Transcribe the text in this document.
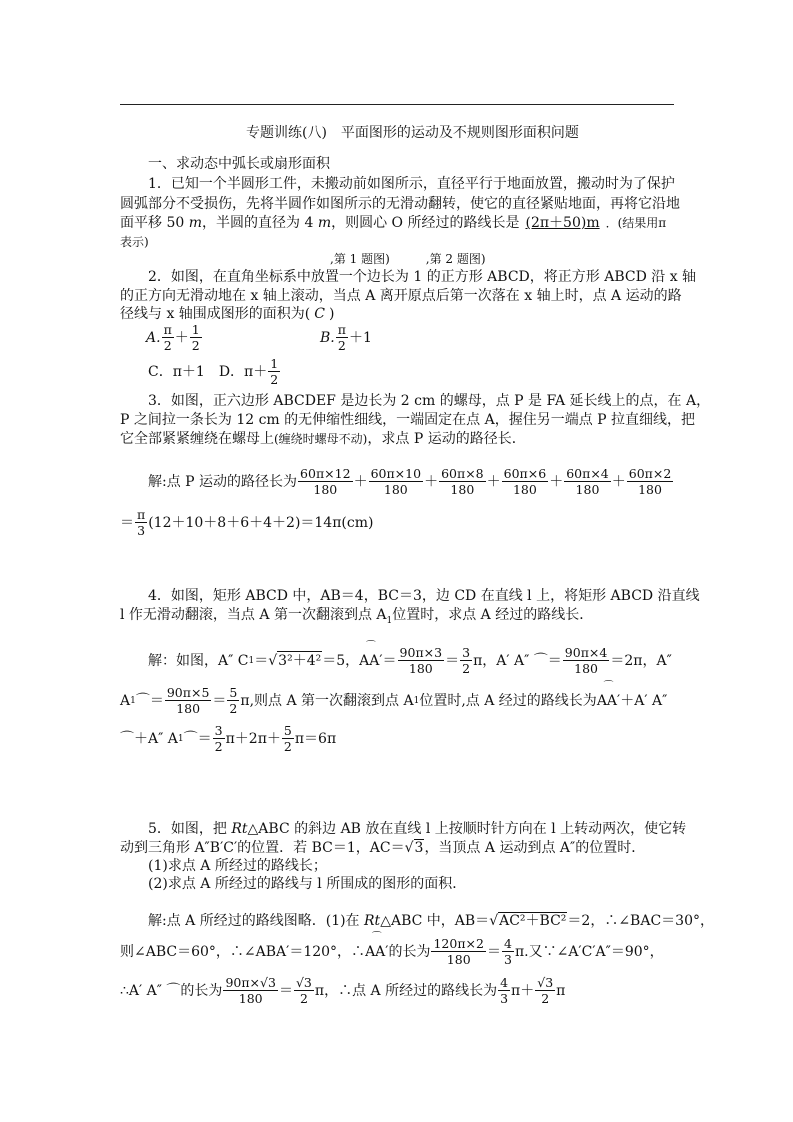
专题训练(八)　平面图形的运动及不规则图形面积问题
一、求动态中弧长或扇形面积
1．已知一个半圆形工件，未搬动前如图所示，直径平行于地面放置，搬动时为了保护
圆弧部分不受损伤，先将半圆作如图所示的无滑动翻转，使它的直径紧贴地面，再将它沿地
面平移 50 m，半圆的直径为 4 m，则圆心 O 所经过的路线长是 (2π＋50)m ．(结果用π
表示)
,第 1 题图)　　　,第 2 题图)
2．如图，在直角坐标系中放置一个边长为 1 的正方形 ABCD，将正方形 ABCD 沿 x 轴
的正方向无滑动地在 x 轴上滚动，当点 A 离开原点后第一次落在 x 轴上时，点 A 运动的路
径线与 x 轴围成图形的面积为( C )
A. $\frac{\pi}{2} + \frac{1}{2}$	B. $\frac{\pi}{2} +1$
C．π＋1　D．$\pi+ \frac{1}{2}$
3．如图，正六边形 ABCDEF 是边长为 2 cm 的螺母，点 P 是 FA 延长线上的点，在 A，
P 之间拉一条长为 12 cm 的无伸缩性细线，一端固定在点 A，握住另一端点 P 拉直细线，把
它全部紧紧缠绕在螺母上(缠绕时螺母不动)，求点 P 运动的路径长．
解:点 P 运动的路径长为 $\frac{60\pi\times 12}{180} + \frac{60\pi\times 10}{180} + \frac{60\pi\times 8}{180} + \frac{60\pi\times 6}{180} + \frac{60\pi\times 4}{180} + \frac{60\pi\times 2}{180}$
＝ $\frac{\pi}{3} (12+10+8+6+4+2)=14\pi(cm)$
4．如图，矩形 ABCD 中，AB＝4，BC＝3，边 CD 在直线 l 上，将矩形 ABCD 沿直线
l 作无滑动翻滚，当点 A 第一次翻滚到点 $A_1$位置时，求点 A 经过的路线长．
解：如图，A″ C 1 ＝ √ 3²＋4² ＝5， ⌒ $AA' = \frac{90\pi\times 3}{180} = \frac{3}{2}$ π，A′ A″ ⌒＝ $\frac{90\pi\times 4}{180} =2\pi$，A″
A 1 ⌒＝ $\frac{90\pi\times 5}{180} = \frac{5}{2} \pi$,则点 A 第一次翻滚到点 A 1 位置时,点 A 经过的路线长为 ⌒ AA′ ＋A′ A″
⌒＋A″ A 1 ⌒＝ $\frac{3}{2} \pi+2\pi+ \frac{5}{2} \pi=6\pi$
5．如图，把 Rt△ABC 的斜边 AB 放在直线 l 上按顺时针方向在 l 上转动两次，使它转
动到三角形 A″B′C′的位置．若 BC＝1，AC＝√3，当顶点 A 运动到点 A″的位置时．
(1)求点 A 所经过的路线长；
(2)求点 A 所经过的路线与 l 所围成的图形的面积．
解:点 A 所经过的路线图略．(1)在 Rt△ABC 中，AB＝√AC²＋BC²＝2，∴∠BAC＝30°，
则∠ABC＝60°，∴∠ABA′＝120°，∴ ⌒ AA′ 的长为 $\frac{120\pi\times 2}{180} = \frac{4}{3} \pi$.又∵∠A′C′A″＝90°，
∴A′ A″ ⌒的长为 $\frac{90\pi\times√3}{180} = \frac{√3}{2}$ π，∴点 A 所经过的路线长为 $\frac{4}{3} \pi+ \frac{√3}{2}$ π
